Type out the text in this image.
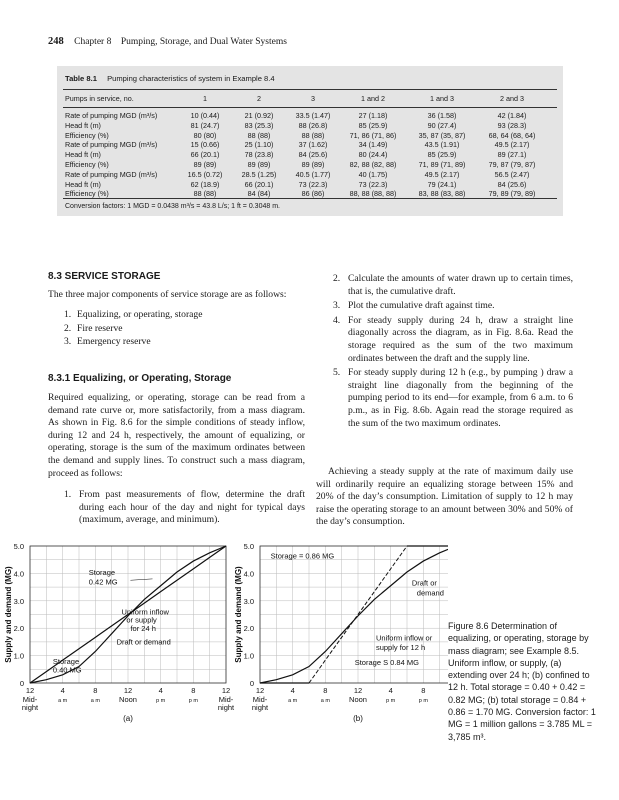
248 Chapter 8    Pumping, Storage, and Dual Water Systems
Table 8.1 Pumping characteristics of system in Example 8.4
Pumps in service, no.	1	2	3	1 and 2	1 and 3	2 and 3
Rate of pumping MGD (m³/s)	10 (0.44)	21 (0.92)	33.5 (1.47)	27 (1.18)	36 (1.58)	42 (1.84)
Head ft (m)	81 (24.7)	83 (25.3)	88 (26.8)	85 (25.9)	90 (27.4)	93 (28.3)
Efficiency (%)	80 (80)	88 (88)	88 (88)	71, 86 (71, 86)	35, 87 (35, 87)	68, 64 (68, 64)
Rate of pumping MGD (m³/s)	15 (0.66)	25 (1.10)	37 (1.62)	34 (1.49)	43.5 (1.91)	49.5 (2.17)
Head ft (m)	66 (20.1)	78 (23.8)	84 (25.6)	80 (24.4)	85 (25.9)	89 (27.1)
Efficiency (%)	89 (89)	89 (89)	89 (89)	82, 88 (82, 88)	71, 89 (71, 89)	79, 87 (79, 87)
Rate of pumping MGD (m³/s)	16.5 (0.72)	28.5 (1.25)	40.5 (1.77)	40 (1.75)	49.5 (2.17)	56.5 (2.47)
Head ft (m)	62 (18.9)	66 (20.1)	73 (22.3)	73 (22.3)	79 (24.1)	84 (25.6)
Efficiency (%)	88 (88)	84 (84)	86 (86)	88, 88 (88, 88)	83, 88 (83, 88)	79, 89 (79, 89)
Conversion factors: 1 MGD = 0.0438 m³/s = 43.8 L/s; 1 ft = 0.3048 m.
8.3 SERVICE STORAGE
The three major components of service storage are as follows:
1. Equalizing, or operating, storage
2. Fire reserve
3. Emergency reserve
8.3.1 Equalizing, or Operating, Storage
Required equalizing, or operating, storage can be read from a demand rate curve or, more satisfactorily, from a mass diagram. As shown in Fig. 8.6 for the simple conditions of steady inflow, during 12 and 24 h, respectively, the amount of equalizing, or operating, storage is the sum of the maximum ordinates between the demand and supply lines. To construct such a mass diagram, proceed as follows:
1. From past measurements of flow, determine the draft during each hour of the day and night for typical days (maximum, average, and minimum).
2. Calculate the amounts of water drawn up to certain times, that is, the cumulative draft.
3. Plot the cumulative draft against time.
4. For steady supply during 24 h, draw a straight line diagonally across the diagram, as in Fig. 8.6a. Read the storage required as the sum of the two maximum ordinates between the draft and the supply line.
5. For steady supply during 12 h (e.g., by pumping ) draw a straight line diagonally from the beginning of the pumping period to its end—for example, from 6 a.m. to 6 p.m., as in Fig. 8.6b. Again read the storage required as the sum of the two maximum ordinates.
Achieving a steady supply at the rate of maximum daily use will ordinarily require an equalizing storage between 15% and 20% of the day’s consumption. Limitation of supply to 12 h may raise the operating storage to an amount between 30% and 50% of the day’s consumption.
0
1.0
2.0
3.0
4.0
5.0
Supply and demand (MG)
12
Mid-
night
4
a m
8
a m
12
Noon
4
p m
8
p m
12
Mid-
night
(a)
0
1.0
2.0
3.0
4.0
5.0
Supply and demand (MG)
12
Mid-
night
4
a m
8
a m
12
Noon
4
p m
8
p m
(b)
Storage
0.42 MG
Uniform inflow
or supply
for 24 h
Draft or demand
Storage
0.40 MG
Storage = 0.86 MG
Draft or
demand
Uniform inflow or
supply for 12 h
Storage S 0.84 MG
Figure 8.6 Determination of equalizing, or operating, storage by mass diagram; see Example 8.5. Uniform inflow, or supply, (a) extending over 24 h; (b) confined to 12 h. Total storage = 0.40 + 0.42 = 0.82 MG; (b) total storage = 0.84 + 0.86 = 1.70 MG. Conversion factor: 1 MG = 1 million gallons = 3.785 ML = 3,785 m³.
